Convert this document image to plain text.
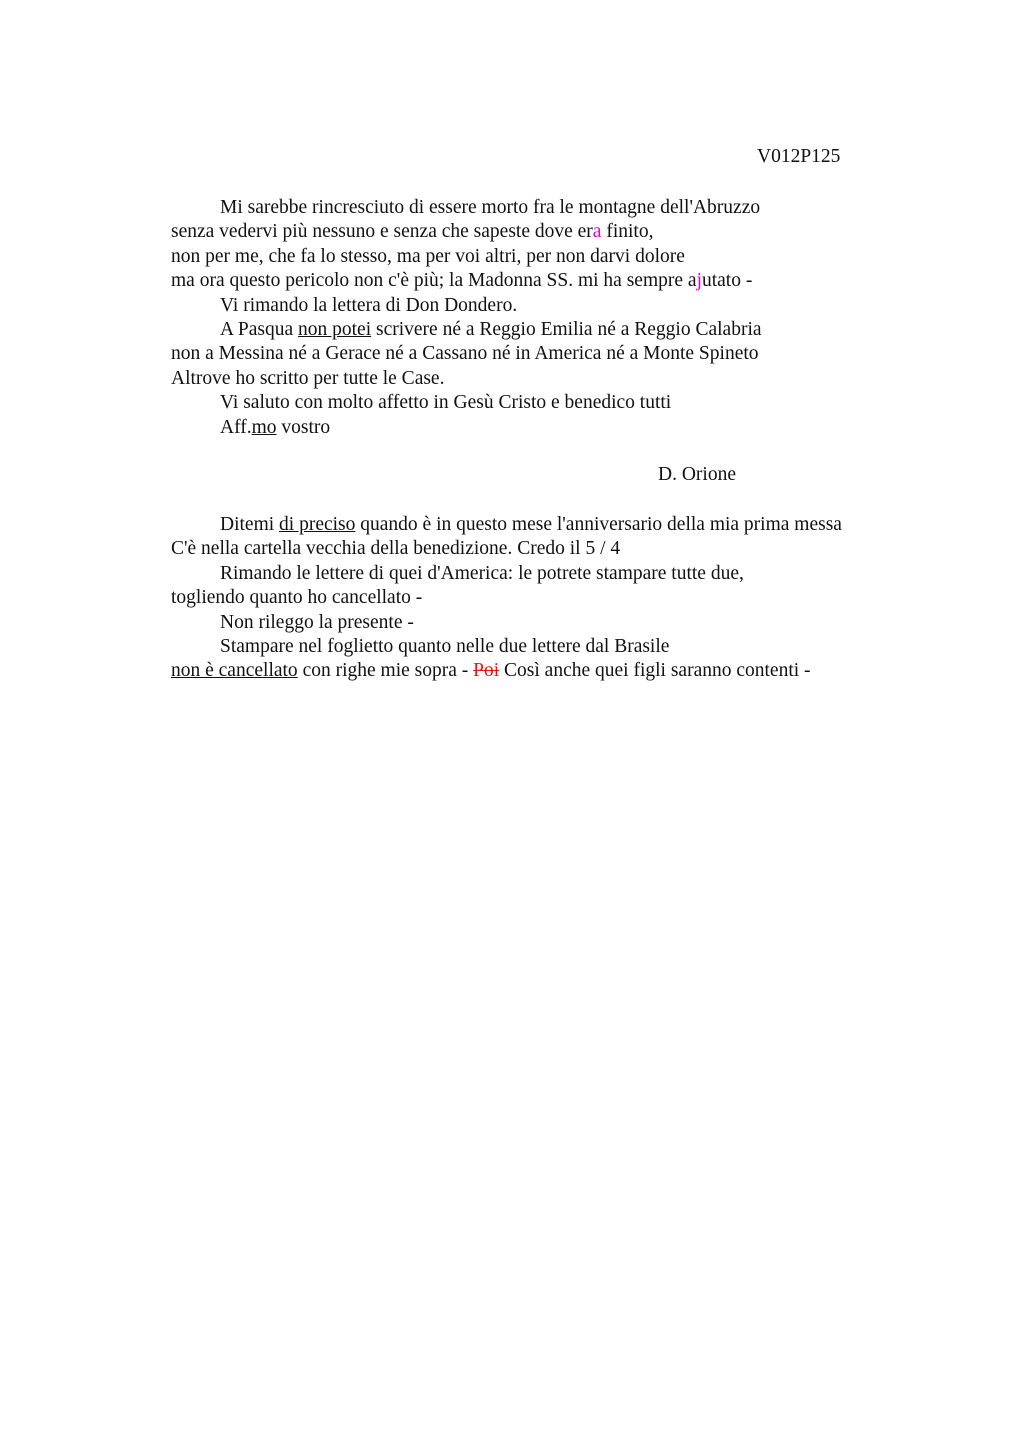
V012P125
Mi sarebbe rincresciuto di essere morto fra le montagne dell'Abruzzo
senza vedervi più nessuno e senza che sapeste dove era finito,
non per me, che fa lo stesso, ma per voi altri, per non darvi dolore
ma ora questo pericolo non c'è più; la Madonna SS. mi ha sempre ajutato -
Vi rimando la lettera di Don Dondero.
A Pasqua non potei scrivere né a Reggio Emilia né a Reggio Calabria
non a Messina né a Gerace né a Cassano né in America né a Monte Spineto
Altrove ho scritto per tutte le Case.
Vi saluto con molto affetto in Gesù Cristo e benedico tutti
Aff.mo vostro
D. Orione
Ditemi di preciso quando è in questo mese l'anniversario della mia prima messa
C'è nella cartella vecchia della benedizione. Credo il 5 / 4
Rimando le lettere di quei d'America: le potrete stampare tutte due,
togliendo quanto ho cancellato -
Non rileggo la presente -
Stampare nel foglietto quanto nelle due lettere dal Brasile
non è cancellato con righe mie sopra - Poi Così anche quei figli saranno contenti -
